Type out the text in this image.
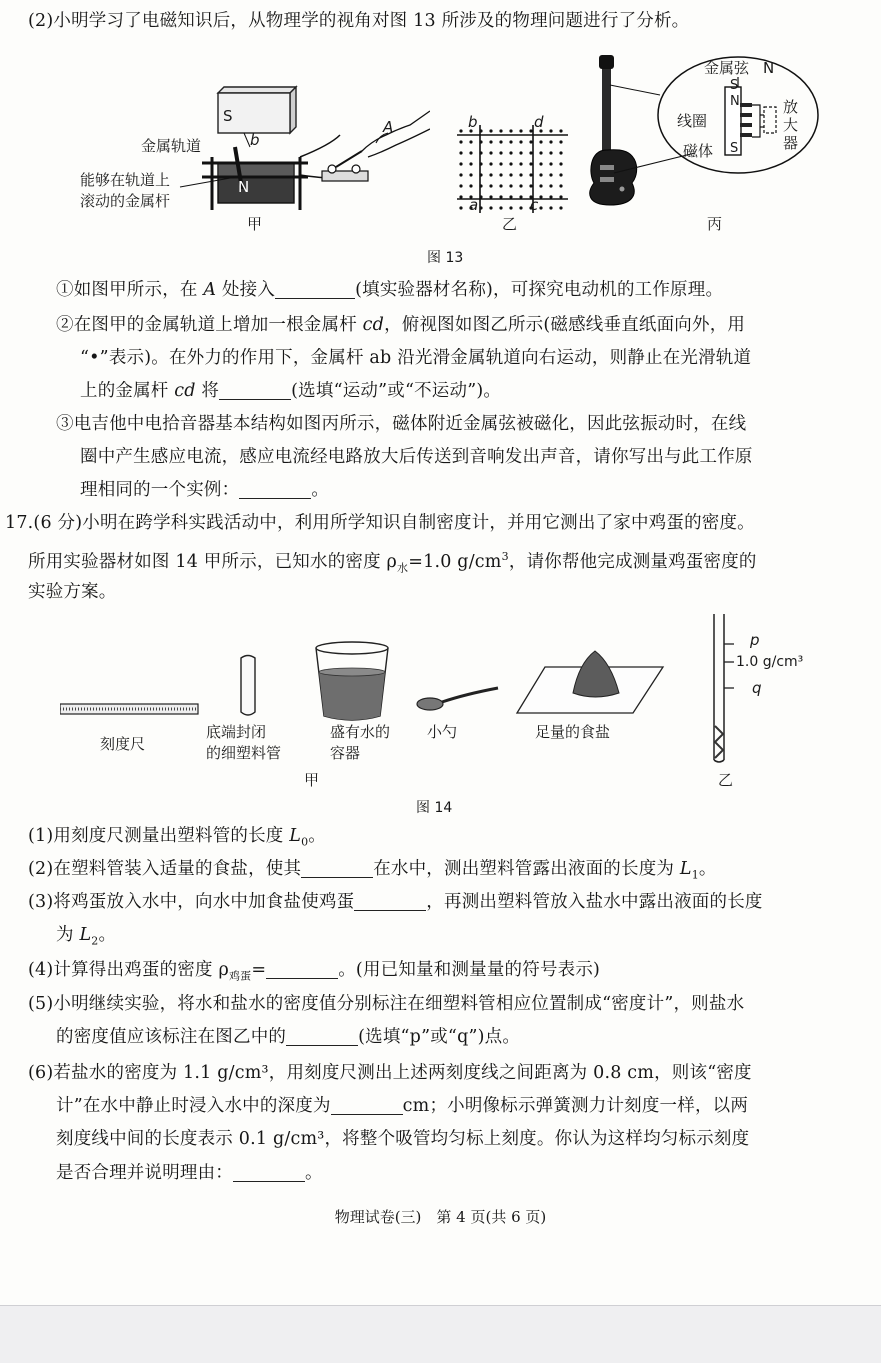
(2)小明学习了电磁知识后，从物理学的视角对图 13 所涉及的物理问题进行了分析。
S
N
b
A
金属轨道
能够在轨道上
滚动的金属杆
甲
b	d
a	c
乙
金属弦 N
S
N
S
线圈
磁体
放大器
丙
图 13
①如图甲所示，在 A 处接入	(填实验器材名称)，可探究电动机的工作原理。
②在图甲的金属轨道上增加一根金属杆 cd，俯视图如图乙所示(磁感线垂直纸面向外，用
“•”表示)。在外力的作用下，金属杆 ab 沿光滑金属轨道向右运动，则静止在光滑轨道
上的金属杆 cd 将	(选填“运动”或“不运动”)。
③电吉他中电拾音器基本结构如图丙所示，磁体附近金属弦被磁化，因此弦振动时，在线
圈中产生感应电流，感应电流经电路放大后传送到音响发出声音，请你写出与此工作原
理相同的一个实例：	。
17.(6 分)小明在跨学科实践活动中，利用所学知识自制密度计，并用它测出了家中鸡蛋的密度。
所用实验器材如图 14 甲所示，已知水的密度 $\rho_水=1.0$ $g/cm^3$，请你帮他完成测量鸡蛋密度的
实验方案。
刻度尺
底端封闭
的细塑料管
盛有水的
容器
小勺	足量的食盐
甲
p
1.0 g/cm³
q
乙
图 14
(1)用刻度尺测量出塑料管的长度 $L_0$。
(2)在塑料管装入适量的食盐，使其	在水中，测出塑料管露出液面的长度为 $L_1$。
(3)将鸡蛋放入水中，向水中加食盐使鸡蛋	，再测出塑料管放入盐水中露出液面的长度
为 $L_2$。
(4)计算得出鸡蛋的密度 $\rho_{鸡蛋}=$	。(用已知量和测量量的符号表示)
(5)小明继续实验，将水和盐水的密度值分别标注在细塑料管相应位置制成“密度计”，则盐水
的密度值应该标注在图乙中的	(选填“p”或“q”)点。
(6)若盐水的密度为 1.1 g/cm³，用刻度尺测出上述两刻度线之间距离为 0.8 cm，则该“密度
计”在水中静止时浸入水中的深度为	cm；小明像标示弹簧测力计刻度一样，以两
刻度线中间的长度表示 0.1 g/cm³，将整个吸管均匀标上刻度。你认为这样均匀标示刻度
是否合理并说明理由：	。
物理试卷(三)　第 4 页(共 6 页)
